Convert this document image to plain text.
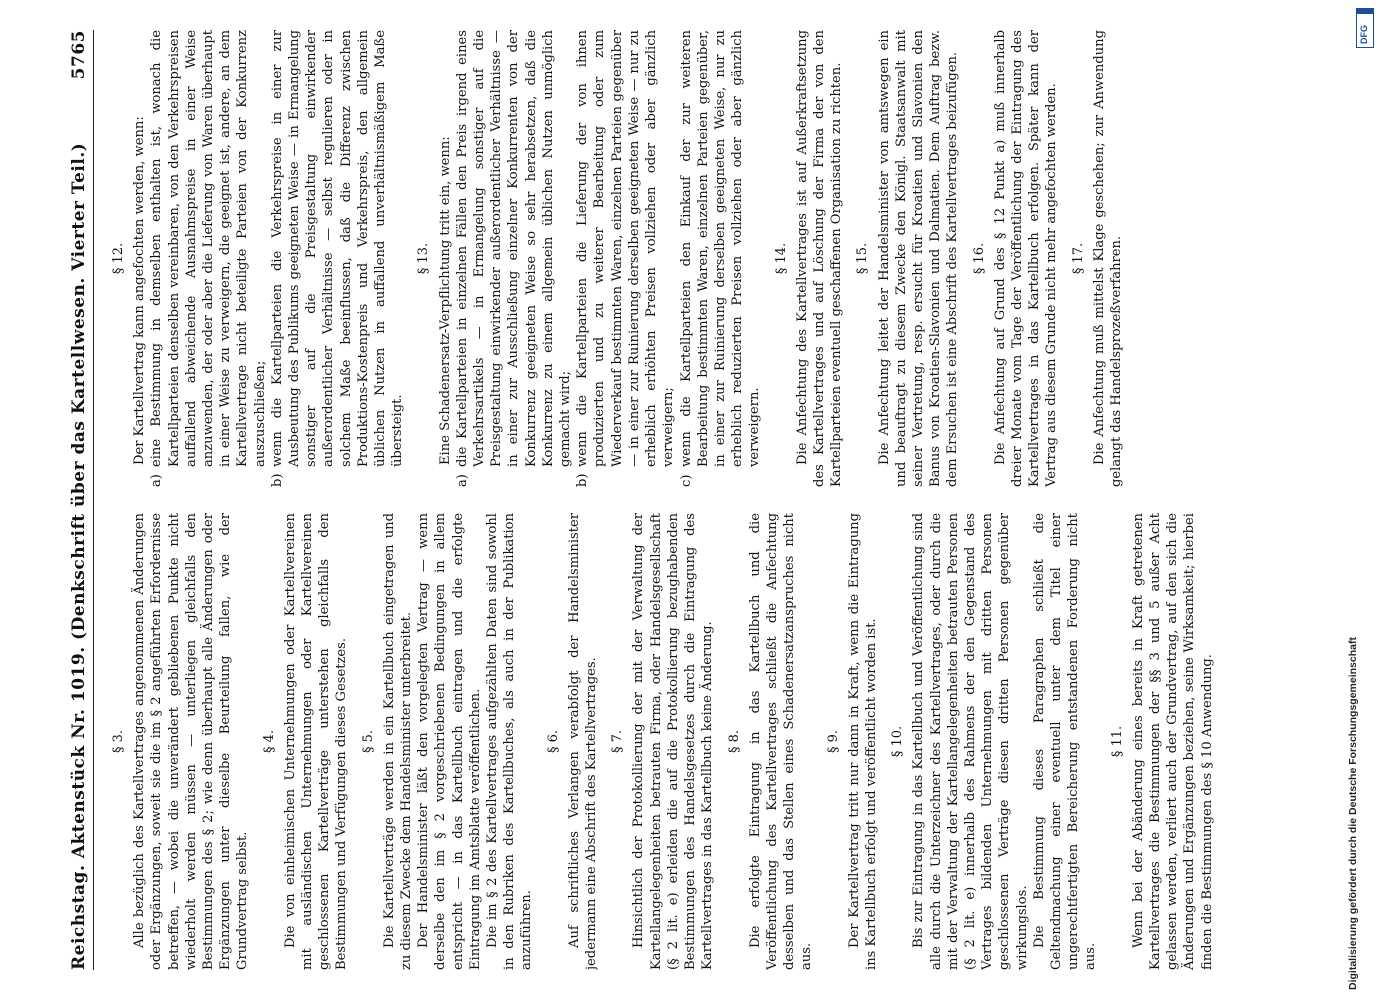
Reichstag. Aktenstück Nr. 1019. (Denkschrift über das Kartellwesen. Vierter Teil.)
5765
§ 3. Alle bezüglich des Kartellvertrages angenommenen Änderungen oder Ergänzungen, soweit sie die im § 2 angeführten Erfordernisse betreffen, — wobei die unverändert gebliebenen Punkte nicht wiederholt werden müssen — unterliegen gleichfalls den Bestimmungen des § 2; wie denn überhaupt alle Änderungen oder Ergänzungen unter dieselbe Beurteilung fallen, wie der Grundvertrag selbst.

§ 4. Die von einheimischen Unternehmungen oder Kartellvereinen mit ausländischen Unternehmungen oder Kartellvereinen geschlossenen Kartellverträge unterstehen gleichfalls den Bestimmungen und Verfügungen dieses Gesetzes. § 5. Die Kartellverträge werden in ein Kartellbuch eingetragen und zu diesem Zwecke dem Handelsminister unterbreitet. Der Handelsminister läßt den vorgelegten Vertrag — wenn derselbe den im § 2 vorgeschriebenen Bedingungen in allem entspricht — in das Kartellbuch eintragen und die erfolgte Eintragung im Amtsblatte veröffentlichen. Die im § 2 des Kartellvertrages aufgezählten Daten sind sowohl in den Rubriken des Kartellbuches, als auch in der Publikation anzuführen.

§ 6. Auf schriftliches Verlangen verabfolgt der Handelsminister jedermann eine Abschrift des Kartellvertrages. § 7. Hinsichtlich der Protokollierung der mit der Verwaltung der Kartellangelegenheiten betrauten Firma, oder Handelsgesellschaft (§ 2 lit. e) erleiden die auf die Protokollierung bezughabenden Bestimmungen des Handelsgesetzes durch die Eintragung des Kartellvertrages in das Kartellbuch keine Änderung. § 8. Die erfolgte Eintragung in das Kartellbuch und die Veröffentlichung des Kartellvertrages schließt die Anfechtung desselben und das Stellen eines Schadenersatzanspruches nicht aus.

§ 9. Der Kartellvertrag tritt nur dann in Kraft, wenn die Eintragung ins Kartellbuch erfolgt und veröffentlicht worden ist. § 10. Bis zur Eintragung in das Kartellbuch und Veröffentlichung sind alle durch die Unterzeichner des Kartellvertrages, oder durch die mit der Verwaltung der Kartellangelegenheiten betrauten Personen (§ 2 lit. e) innerhalb des Rahmens der den Gegenstand des Vertrages bildenden Unternehmungen mit dritten Personen geschlossenen Verträge diesen dritten Personen gegenüber wirkungslos. Die Bestimmung dieses Paragraphen schließt die Geltendmachung einer eventuell unter dem Titel einer ungerechtfertigten Bereicherung entstandenen Forderung nicht aus.

§ 11. Wenn bei der Abänderung eines bereits in Kraft getretenen Kartellvertrages die Bestimmungen der §§ 3 und 5 außer Acht gelassen werden, verliert auch der Grundvertrag, auf den sich die Änderungen und Ergänzungen beziehen, seine Wirksamkeit; hierbei finden die Bestimmungen des § 10 Anwendung.

§ 12. Der Kartellvertrag kann angefochten werden, wenn:

a)
eine Bestimmung in demselben enthalten ist, wonach die Kartellparteien denselben vereinbaren, von den Verkehrspreisen auffallend abweichende Ausnahmspreise in einer Weise anzuwenden, der oder aber die Lieferung von Waren überhaupt in einer Weise zu verweigern, die geeignet ist, andere, an dem Kartellvertrage nicht beteiligte Parteien von der Konkurrenz auszuschließen;

b)
wenn die Kartellparteien die Verkehrspreise in einer zur Ausbeutung des Publikums geeigneten Weise — in Ermangelung sonstiger auf die Preisgestaltung einwirkender außerordentlicher Verhältnisse — selbst regulieren oder in solchem Maße beeinflussen, daß die Differenz zwischen Produktions-Kostenpreis und Verkehrspreis, den allgemein üblichen Nutzen in auffallend unverhältnismäßigem Maße übersteigt.

§ 13. Eine Schadenersatz-Verpflichtung tritt ein, wenn:

a)
die Kartellparteien in einzelnen Fällen den Preis irgend eines Verkehrsartikels — in Ermangelung sonstiger auf die Preisgestaltung einwirkender außerordentlicher Verhältnisse — in einer zur Ausschließung einzelner Konkurrenten von der Konkurrenz geeigneten Weise so sehr herabsetzen, daß die Konkurrenz zu einem allgemein üblichen Nutzen unmöglich gemacht wird;

b)
wenn die Kartellparteien die Lieferung der von ihnen produzierten und zu weiterer Bearbeitung oder zum Wiederverkauf bestimmten Waren, einzelnen Parteien gegenüber — in einer zur Ruinierung derselben geeigneten Weise — nur zu erheblich erhöhten Preisen vollziehen oder aber gänzlich verweigern;

c)
wenn die Kartellparteien den Einkauf der zur weiteren Bearbeitung bestimmten Waren, einzelnen Parteien gegenüber, in einer zur Ruinierung derselben geeigneten Weise, nur zu erheblich reduzierten Preisen vollziehen oder aber gänzlich verweigern.

§ 14. Die Anfechtung des Kartellvertrages ist auf Außerkraftsetzung des Kartellvertrages und auf Löschung der Firma der von den Kartellparteien eventuell geschaffenen Organisation zu richten. § 15. Die Anfechtung leitet der Handelsminister von amtswegen ein und beauftragt zu diesem Zwecke den Königl. Staatsanwalt mit seiner Vertretung, resp. ersucht für Kroatien und Slavonien den Banus von Kroatien-Slavonien und Dalmatien. Dem Auftrag bezw. dem Ersuchen ist eine Abschrift des Kartellvertrages beizufügen. § 16. Die Anfechtung auf Grund des § 12 Punkt a) muß innerhalb dreier Monate vom Tage der Veröffentlichung der Eintragung des Kartellvertrages in das Kartellbuch erfolgen. Später kann der Vertrag aus diesem Grunde nicht mehr angefochten werden. § 17. Die Anfechtung muß mittelst Klage geschehen; zur Anwendung gelangt das Handelsprozeßverfahren.

DFG
Digitalisierung gefördert durch die Deutsche Forschungsgemeinschaft
